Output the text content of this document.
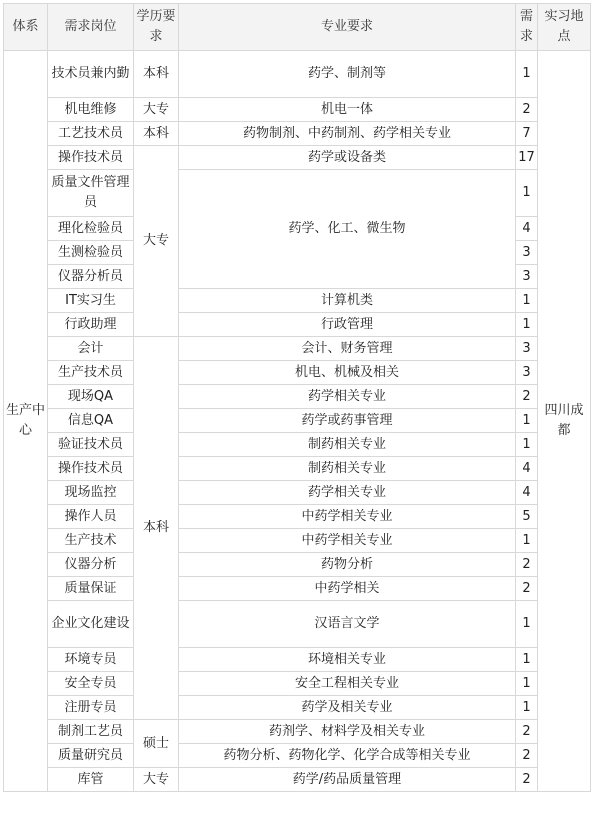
体系	需求岗位	学历要求	专业要求	需求	实习地点
生产中心	技术员兼内勤	本科	药学、制剂等	1	四川成都
	机电维修	大专	机电一体	2	
	工艺技术员	本科	药物制剂、中药制剂、药学相关专业	7	
	操作技术员	大专	药学或设备类	17	
	质量文件管理员		药学、化工、微生物	1	
	理化检验员			4	
	生测检验员			3	
	仪器分析员			3	
	IT实习生		计算机类	1	
	行政助理		行政管理	1	
	会计	本科	会计、财务管理	3	
	生产技术员		机电、机械及相关	3	
	现场QA		药学相关专业	2	
	信息QA		药学或药事管理	1	
	验证技术员		制药相关专业	1	
	操作技术员		制药相关专业	4	
	现场监控		药学相关专业	4	
	操作人员		中药学相关专业	5	
	生产技术		中药学相关专业	1	
	仪器分析		药物分析	2	
	质量保证		中药学相关	2	
	企业文化建设		汉语言文学	1	
	环境专员		环境相关专业	1	
	安全专员		安全工程相关专业	1	
	注册专员		药学及相关专业	1	
	制剂工艺员	硕士	药剂学、材料学及相关专业	2	
	质量研究员		药物分析、药物化学、化学合成等相关专业	2	
	库管	大专	药学/药品质量管理	2	
